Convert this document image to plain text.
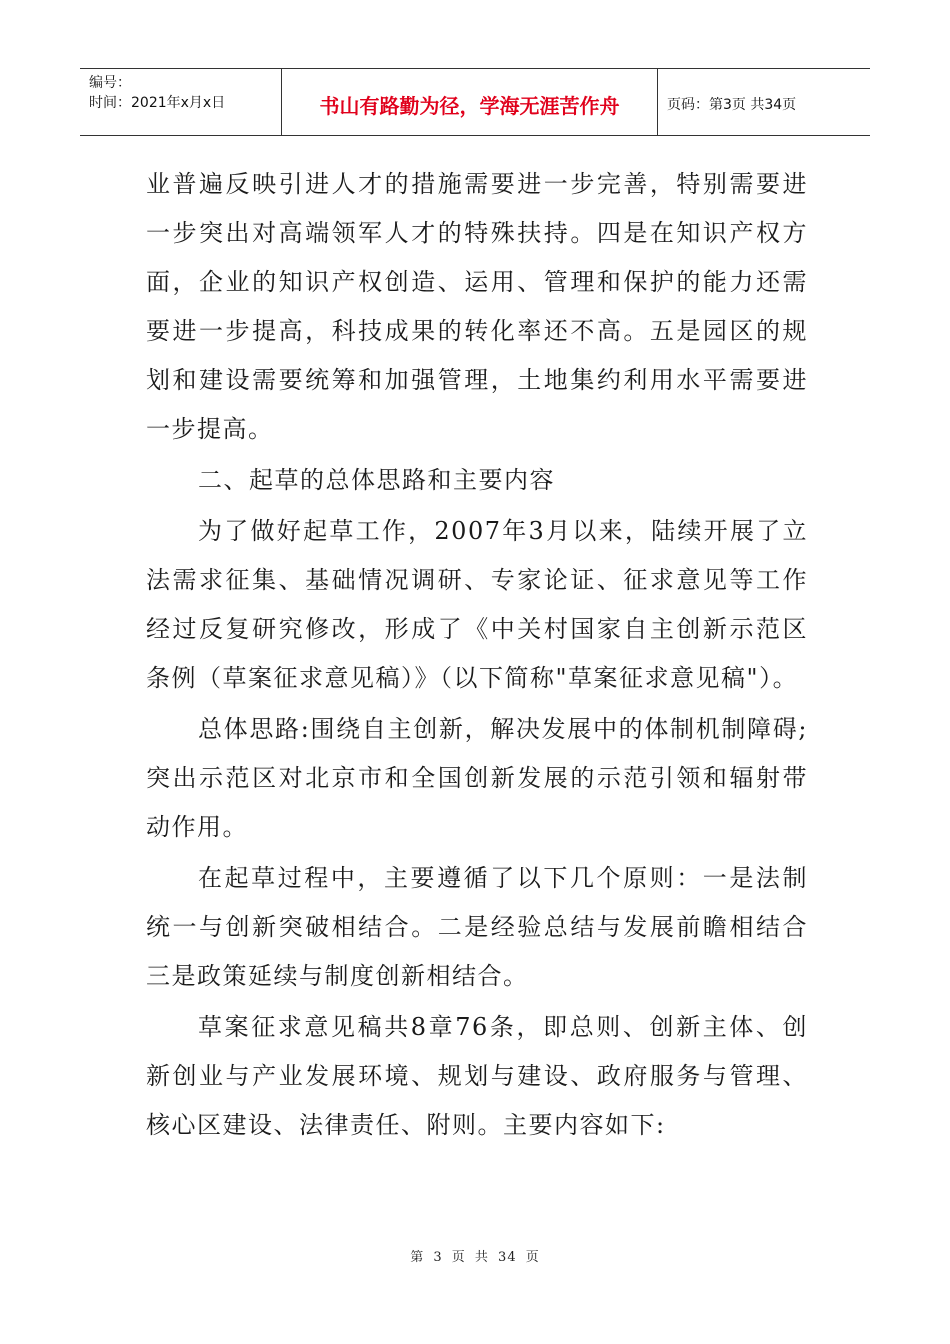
编号：
时间：2021年x月x日	书山有路勤为径，学海无涯苦作舟	页码：第3页 共34页

业普遍反映引进人才的措施需要进一步完善，特别需要进一步突出对高端领军人才的特殊扶持。四是在知识产权方面，企业的知识产权创造、运用、管理和保护的能力还需要进一步提高，科技成果的转化率还不高。五是园区的规划和建设需要统筹和加强管理，土地集约利用水平需要进一步提高。

二、起草的总体思路和主要内容

为了做好起草工作，2007年3月以来，陆续开展了立法需求征集、基础情况调研、专家论证、征求意见等工作经过反复研究修改，形成了《中关村国家自主创新示范区条例（草案征求意见稿）》（以下简称"草案征求意见稿"）。

总体思路:围绕自主创新，解决发展中的体制机制障碍;突出示范区对北京市和全国创新发展的示范引领和辐射带动作用。

在起草过程中，主要遵循了以下几个原则：一是法制统一与创新突破相结合。二是经验总结与发展前瞻相结合三是政策延续与制度创新相结合。

草案征求意见稿共8章76条，即总则、创新主体、创新创业与产业发展环境、规划与建设、政府服务与管理、核心区建设、法律责任、附则。主要内容如下:

第 3 页 共 34 页
